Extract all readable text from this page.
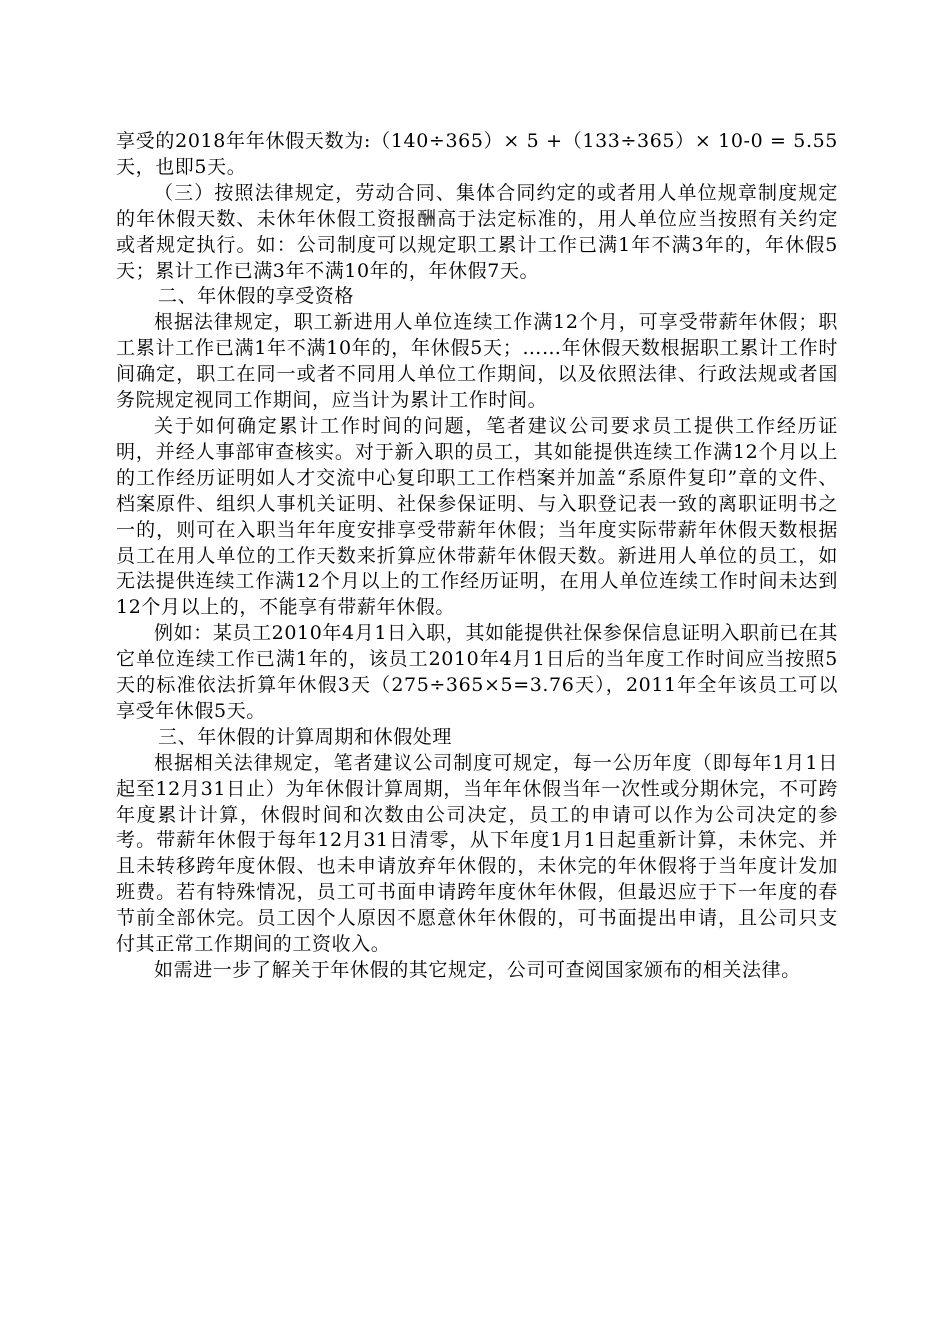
享受的2018年年休假天数为:（140÷365）× 5 +（133÷365）× 10-0 = 5.55天，也即5天。

（三）按照法律规定，劳动合同、集体合同约定的或者用人单位规章制度规定的年休假天数、未休年休假工资报酬高于法定标准的，用人单位应当按照有关约定或者规定执行。如：公司制度可以规定职工累计工作已满1年不满3年的，年休假5天；累计工作已满3年不满10年的，年休假7天。

二、年休假的享受资格

根据法律规定，职工新进用人单位连续工作满12个月，可享受带薪年休假；职工累计工作已满1年不满10年的，年休假5天；……年休假天数根据职工累计工作时间确定，职工在同一或者不同用人单位工作期间，以及依照法律、行政法规或者国务院规定视同工作期间，应当计为累计工作时间。

关于如何确定累计工作时间的问题，笔者建议公司要求员工提供工作经历证明，并经人事部审查核实。对于新入职的员工，其如能提供连续工作满12个月以上的工作经历证明如人才交流中心复印职工工作档案并加盖“系原件复印”章的文件、档案原件、组织人事机关证明、社保参保证明、与入职登记表一致的离职证明书之一的，则可在入职当年年度安排享受带薪年休假；当年度实际带薪年休假天数根据员工在用人单位的工作天数来折算应休带薪年休假天数。新进用人单位的员工，如无法提供连续工作满12个月以上的工作经历证明，在用人单位连续工作时间未达到12个月以上的，不能享有带薪年休假。

例如：某员工2010年4月1日入职，其如能提供社保参保信息证明入职前已在其它单位连续工作已满1年的，该员工2010年4月1日后的当年度工作时间应当按照5天的标准依法折算年休假3天（275÷365×5=3.76天），2011年全年该员工可以享受年休假5天。

三、年休假的计算周期和休假处理

根据相关法律规定，笔者建议公司制度可规定，每一公历年度（即每年1月1日起至12月31日止）为年休假计算周期，当年年休假当年一次性或分期休完，不可跨年度累计计算，休假时间和次数由公司决定，员工的申请可以作为公司决定的参考。带薪年休假于每年12月31日清零，从下年度1月1日起重新计算，未休完、并且未转移跨年度休假、也未申请放弃年休假的，未休完的年休假将于当年度计发加班费。若有特殊情况，员工可书面申请跨年度休年休假，但最迟应于下一年度的春节前全部休完。员工因个人原因不愿意休年休假的，可书面提出申请，且公司只支付其正常工作期间的工资收入。

如需进一步了解关于年休假的其它规定，公司可查阅国家颁布的相关法律。
